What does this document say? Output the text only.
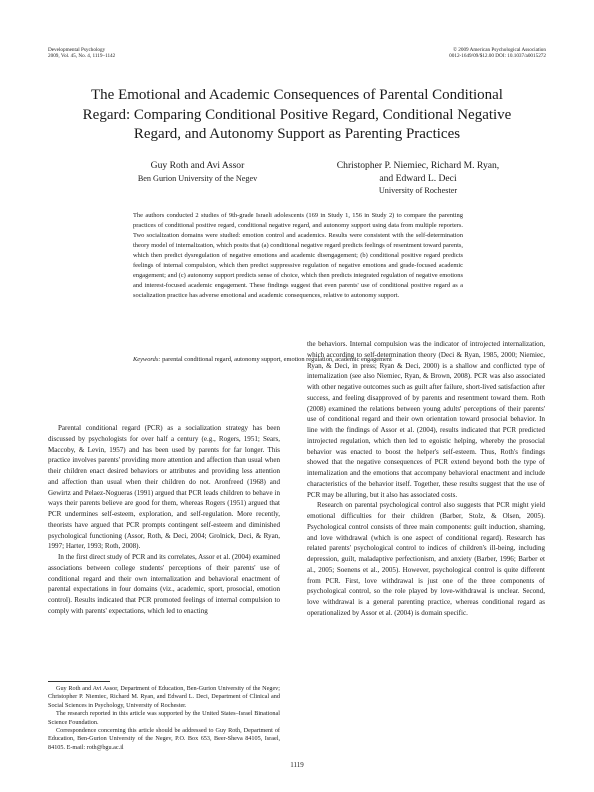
Developmental Psychology
2009, Vol. 45, No. 4, 1119–1142
© 2009 American Psychological Association
0012-1649/09/$12.00 DOI: 10.1037/a0015272
The Emotional and Academic Consequences of Parental Conditional
Regard: Comparing Conditional Positive Regard, Conditional Negative
Regard, and Autonomy Support as Parenting Practices
Guy Roth and Avi Assor
Ben Gurion University of the Negev
Christopher P. Niemiec, Richard M. Ryan,
and Edward L. Deci
University of Rochester

The authors conducted 2 studies of 9th-grade Israeli adolescents (169 in Study 1, 156 in Study 2) to compare the parenting practices of conditional positive regard, conditional negative regard, and autonomy support using data from multiple reporters. Two socialization domains were studied: emotion control and academics. Results were consistent with the self-determination theory model of internalization, which posits that (a) conditional negative regard predicts feelings of resentment toward parents, which then predict dysregulation of negative emotions and academic disengagement; (b) conditional positive regard predicts feelings of internal compulsion, which then predict suppressive regulation of negative emotions and grade-focused academic engagement; and (c) autonomy support predicts sense of choice, which then predicts integrated regulation of negative emotions and interest-focused academic engagement. These findings suggest that even parents' use of conditional positive regard as a socialization practice has adverse emotional and academic consequences, relative to autonomy support.

Keywords: parental conditional regard, autonomy support, emotion regulation, academic engagement

Parental conditional regard (PCR) as a socialization strategy has been discussed by psychologists for over half a century (e.g., Rogers, 1951; Sears, Maccoby, & Levin, 1957) and has been used by parents for far longer. This practice involves parents' providing more attention and affection than usual when their children enact desired behaviors or attributes and providing less attention and affection than usual when their children do not. Aronfreed (1968) and Gewirtz and Pelaez-Nogueras (1991) argued that PCR leads children to behave in ways their parents believe are good for them, whereas Rogers (1951) argued that PCR undermines self-esteem, exploration, and self-regulation. More recently, theorists have argued that PCR prompts contingent self-esteem and diminished psychological functioning (Assor, Roth, & Deci, 2004; Grolnick, Deci, & Ryan, 1997; Harter, 1993; Roth, 2008).

In the first direct study of PCR and its correlates, Assor et al. (2004) examined associations between college students' perceptions of their parents' use of conditional regard and their own internalization and behavioral enactment of parental expectations in four domains (viz., academic, sport, prosocial, emotion control). Results indicated that PCR promoted feelings of internal compulsion to comply with parents' expectations, which led to enacting

the behaviors. Internal compulsion was the indicator of introjected internalization, which according to self-determination theory (Deci & Ryan, 1985, 2000; Niemiec, Ryan, & Deci, in press; Ryan & Deci, 2000) is a shallow and conflicted type of internalization (see also Niemiec, Ryan, & Brown, 2008). PCR was also associated with other negative outcomes such as guilt after failure, short-lived satisfaction after success, and feeling disapproved of by parents and resentment toward them. Roth (2008) examined the relations between young adults' perceptions of their parents' use of conditional regard and their own orientation toward prosocial behavior. In line with the findings of Assor et al. (2004), results indicated that PCR predicted introjected regulation, which then led to egoistic helping, whereby the prosocial behavior was enacted to boost the helper's self-esteem. Thus, Roth's findings showed that the negative consequences of PCR extend beyond both the type of internalization and the emotions that accompany behavioral enactment and include characteristics of the behavior itself. Together, these results suggest that the use of PCR may be alluring, but it also has associated costs.

Research on parental psychological control also suggests that PCR might yield emotional difficulties for their children (Barber, Stolz, & Olsen, 2005). Psychological control consists of three main components: guilt induction, shaming, and love withdrawal (which is one aspect of conditional regard). Research has related parents' psychological control to indices of children's ill-being, including depression, guilt, maladaptive perfectionism, and anxiety (Barber, 1996; Barber et al., 2005; Soenens et al., 2005). However, psychological control is quite different from PCR. First, love withdrawal is just one of the three components of psychological control, so the role played by love-withdrawal is unclear. Second, love withdrawal is a general parenting practice, whereas conditional regard as operationalized by Assor et al. (2004) is domain specific.

Guy Roth and Avi Assor, Department of Education, Ben-Gurion University of the Negev; Christopher P. Niemiec, Richard M. Ryan, and Edward L. Deci, Department of Clinical and Social Sciences in Psychology, University of Rochester.

The research reported in this article was supported by the United States–Israel Binational Science Foundation.

Correspondence concerning this article should be addressed to Guy Roth, Department of Education, Ben-Gurion University of the Negev, P.O. Box 653, Beer-Sheva 84105, Israel, 84105. E-mail: roth@bgu.ac.il

1119
